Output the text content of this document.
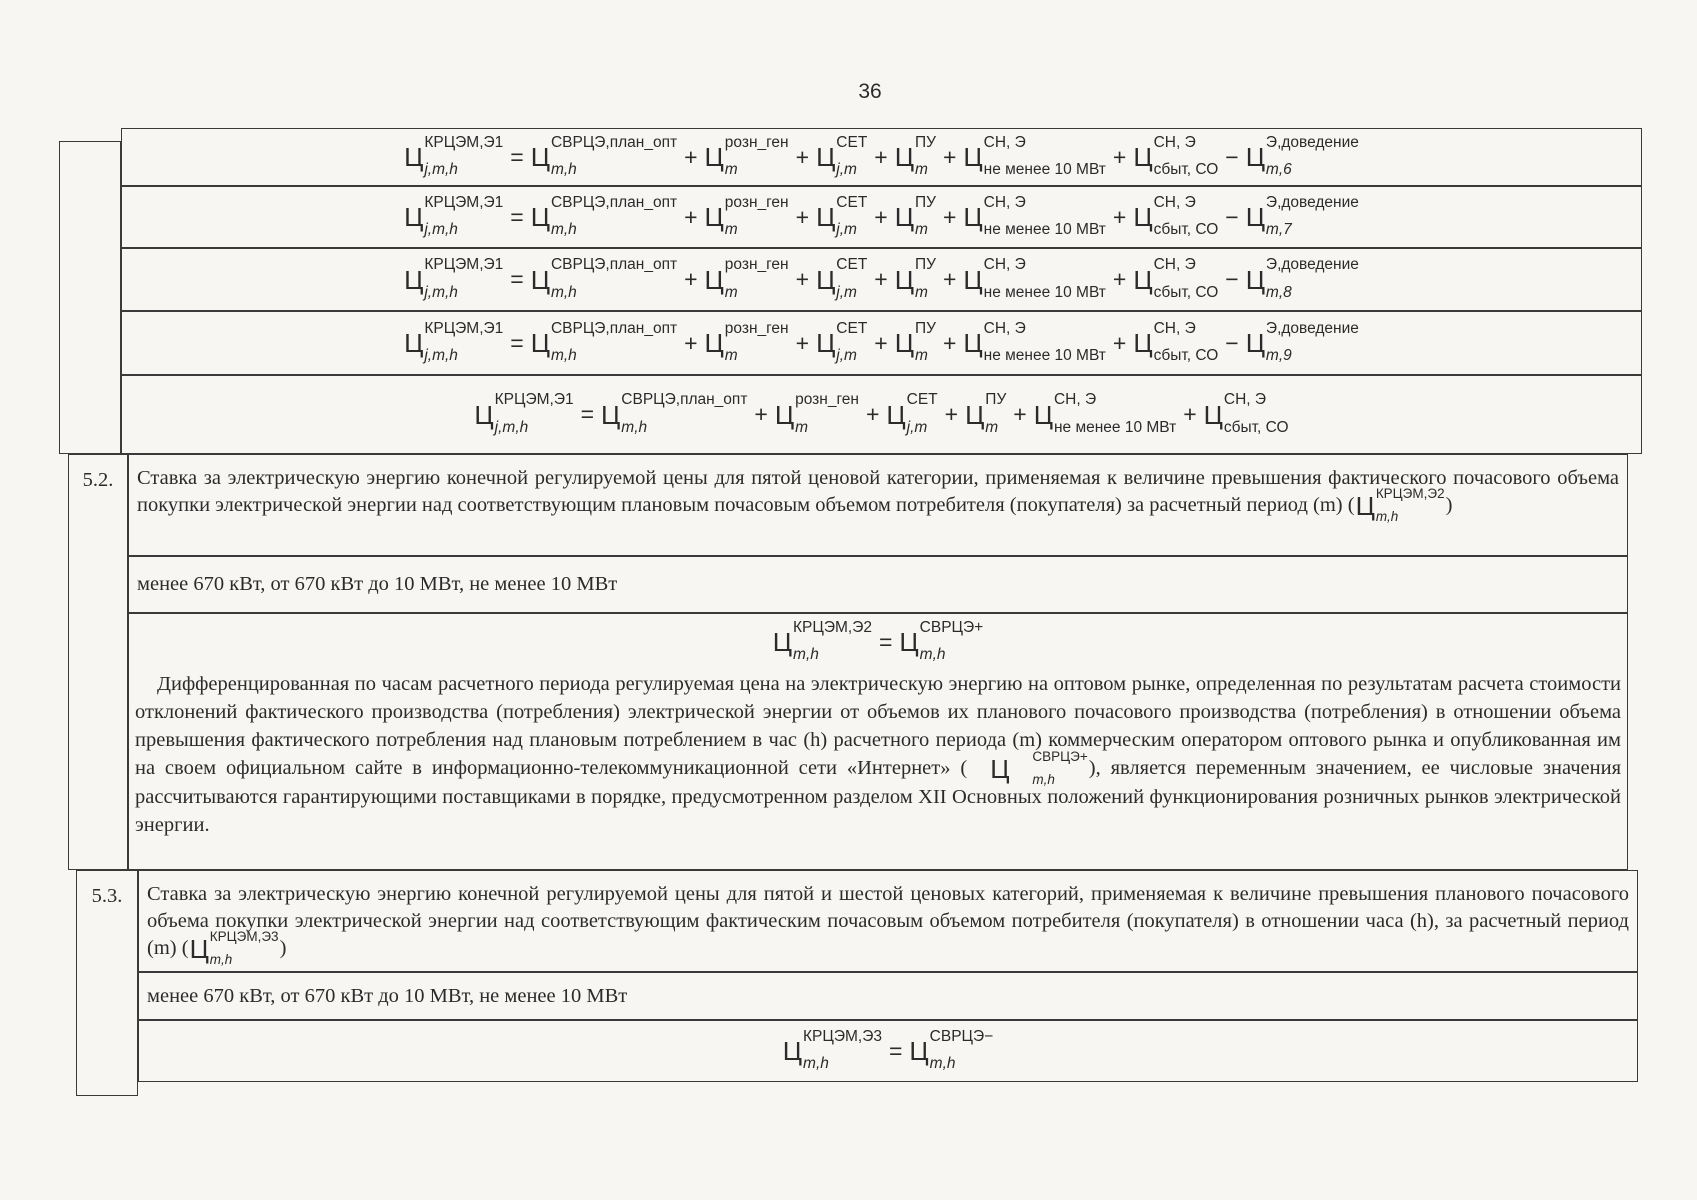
36
Ц КРЦЭМ,Э1
j,m,h	= Ц СВРЦЭ,план_опт
m,h	+ Ц розн_ген
m	+ Ц СЕТ
j,m + Ц ПУ
m + Ц СН, Э
не менее 10 МВт + Ц СН, Э
сбыт, СО − Ц Э,доведение
m,6
Ц КРЦЭМ,Э1
j,m,h	= Ц СВРЦЭ,план_опт
m,h	+ Ц розн_ген
m	+ Ц СЕТ
j,m + Ц ПУ
m + Ц СН, Э
не менее 10 МВт + Ц СН, Э
сбыт, СО − Ц Э,доведение
m,7
Ц КРЦЭМ,Э1
j,m,h	= Ц СВРЦЭ,план_опт
m,h	+ Ц розн_ген
m	+ Ц СЕТ
j,m + Ц ПУ
m + Ц СН, Э
не менее 10 МВт + Ц СН, Э
сбыт, СО − Ц Э,доведение
m,8
Ц КРЦЭМ,Э1
j,m,h	= Ц СВРЦЭ,план_опт
m,h	+ Ц розн_ген
m	+ Ц СЕТ
j,m + Ц ПУ
m + Ц СН, Э
не менее 10 МВт + Ц СН, Э
сбыт, СО − Ц Э,доведение
m,9
Ц КРЦЭМ,Э1
j,m,h	= Ц СВРЦЭ,план_опт
m,h	+ Ц розн_ген
m	+ Ц СЕТ
j,m + Ц ПУ
m + Ц СН, Э
не менее 10 МВт + Ц СН, Э
сбыт, СО
5.2.	Ставка за электрическую энергию конечной регулируемой цены для пятой ценовой категории, применяемая к величине превышения фактического почасового объема покупки электрической энергии над соответствующим плановым почасовым объемом потребителя (покупателя) за расчетный период (m) ( Ц КРЦЭМ,Э2
m,h
)
менее 670 кВт, от 670 кВт до 10 МВт, не менее 10 МВт
Ц КРЦЭМ,Э2
m,h	= Ц СВРЦЭ+
m,h
Дифференцированная по часам расчетного периода регулируемая цена на электрическую энергию на оптовом рынке, определенная по результатам расчета стоимости отклонений фактического производства (потребления) электрической энергии от объемов их планового почасового производства (потребления) в отношении объема превышения фактического потребления над плановым потреблением в час (h) расчетного периода (m) коммерческим оператором оптового рынка и опубликованная им на своем официальном сайте в информационно-телекоммуникационной сети «Интернет» ( Ц	СВРЦЭ+
m,h
), является переменным значением, ее числовые значения рассчитываются гарантирующими поставщиками в порядке, предусмотренном разделом XII Основных положений функционирования розничных рынков электрической энергии.
5.3.	Ставка за электрическую энергию конечной регулируемой цены для пятой и шестой ценовых категорий, применяемая к величине превышения планового почасового объема покупки электрической энергии над соответствующим фактическим почасовым объемом потребителя (покупателя) в отношении часа (h), за расчетный период (m) ( Ц КРЦЭМ,Э3
m,h
)
менее 670 кВт, от 670 кВт до 10 МВт, не менее 10 МВт
Ц КРЦЭМ,Э3
m,h	= Ц СВРЦЭ−
m,h
